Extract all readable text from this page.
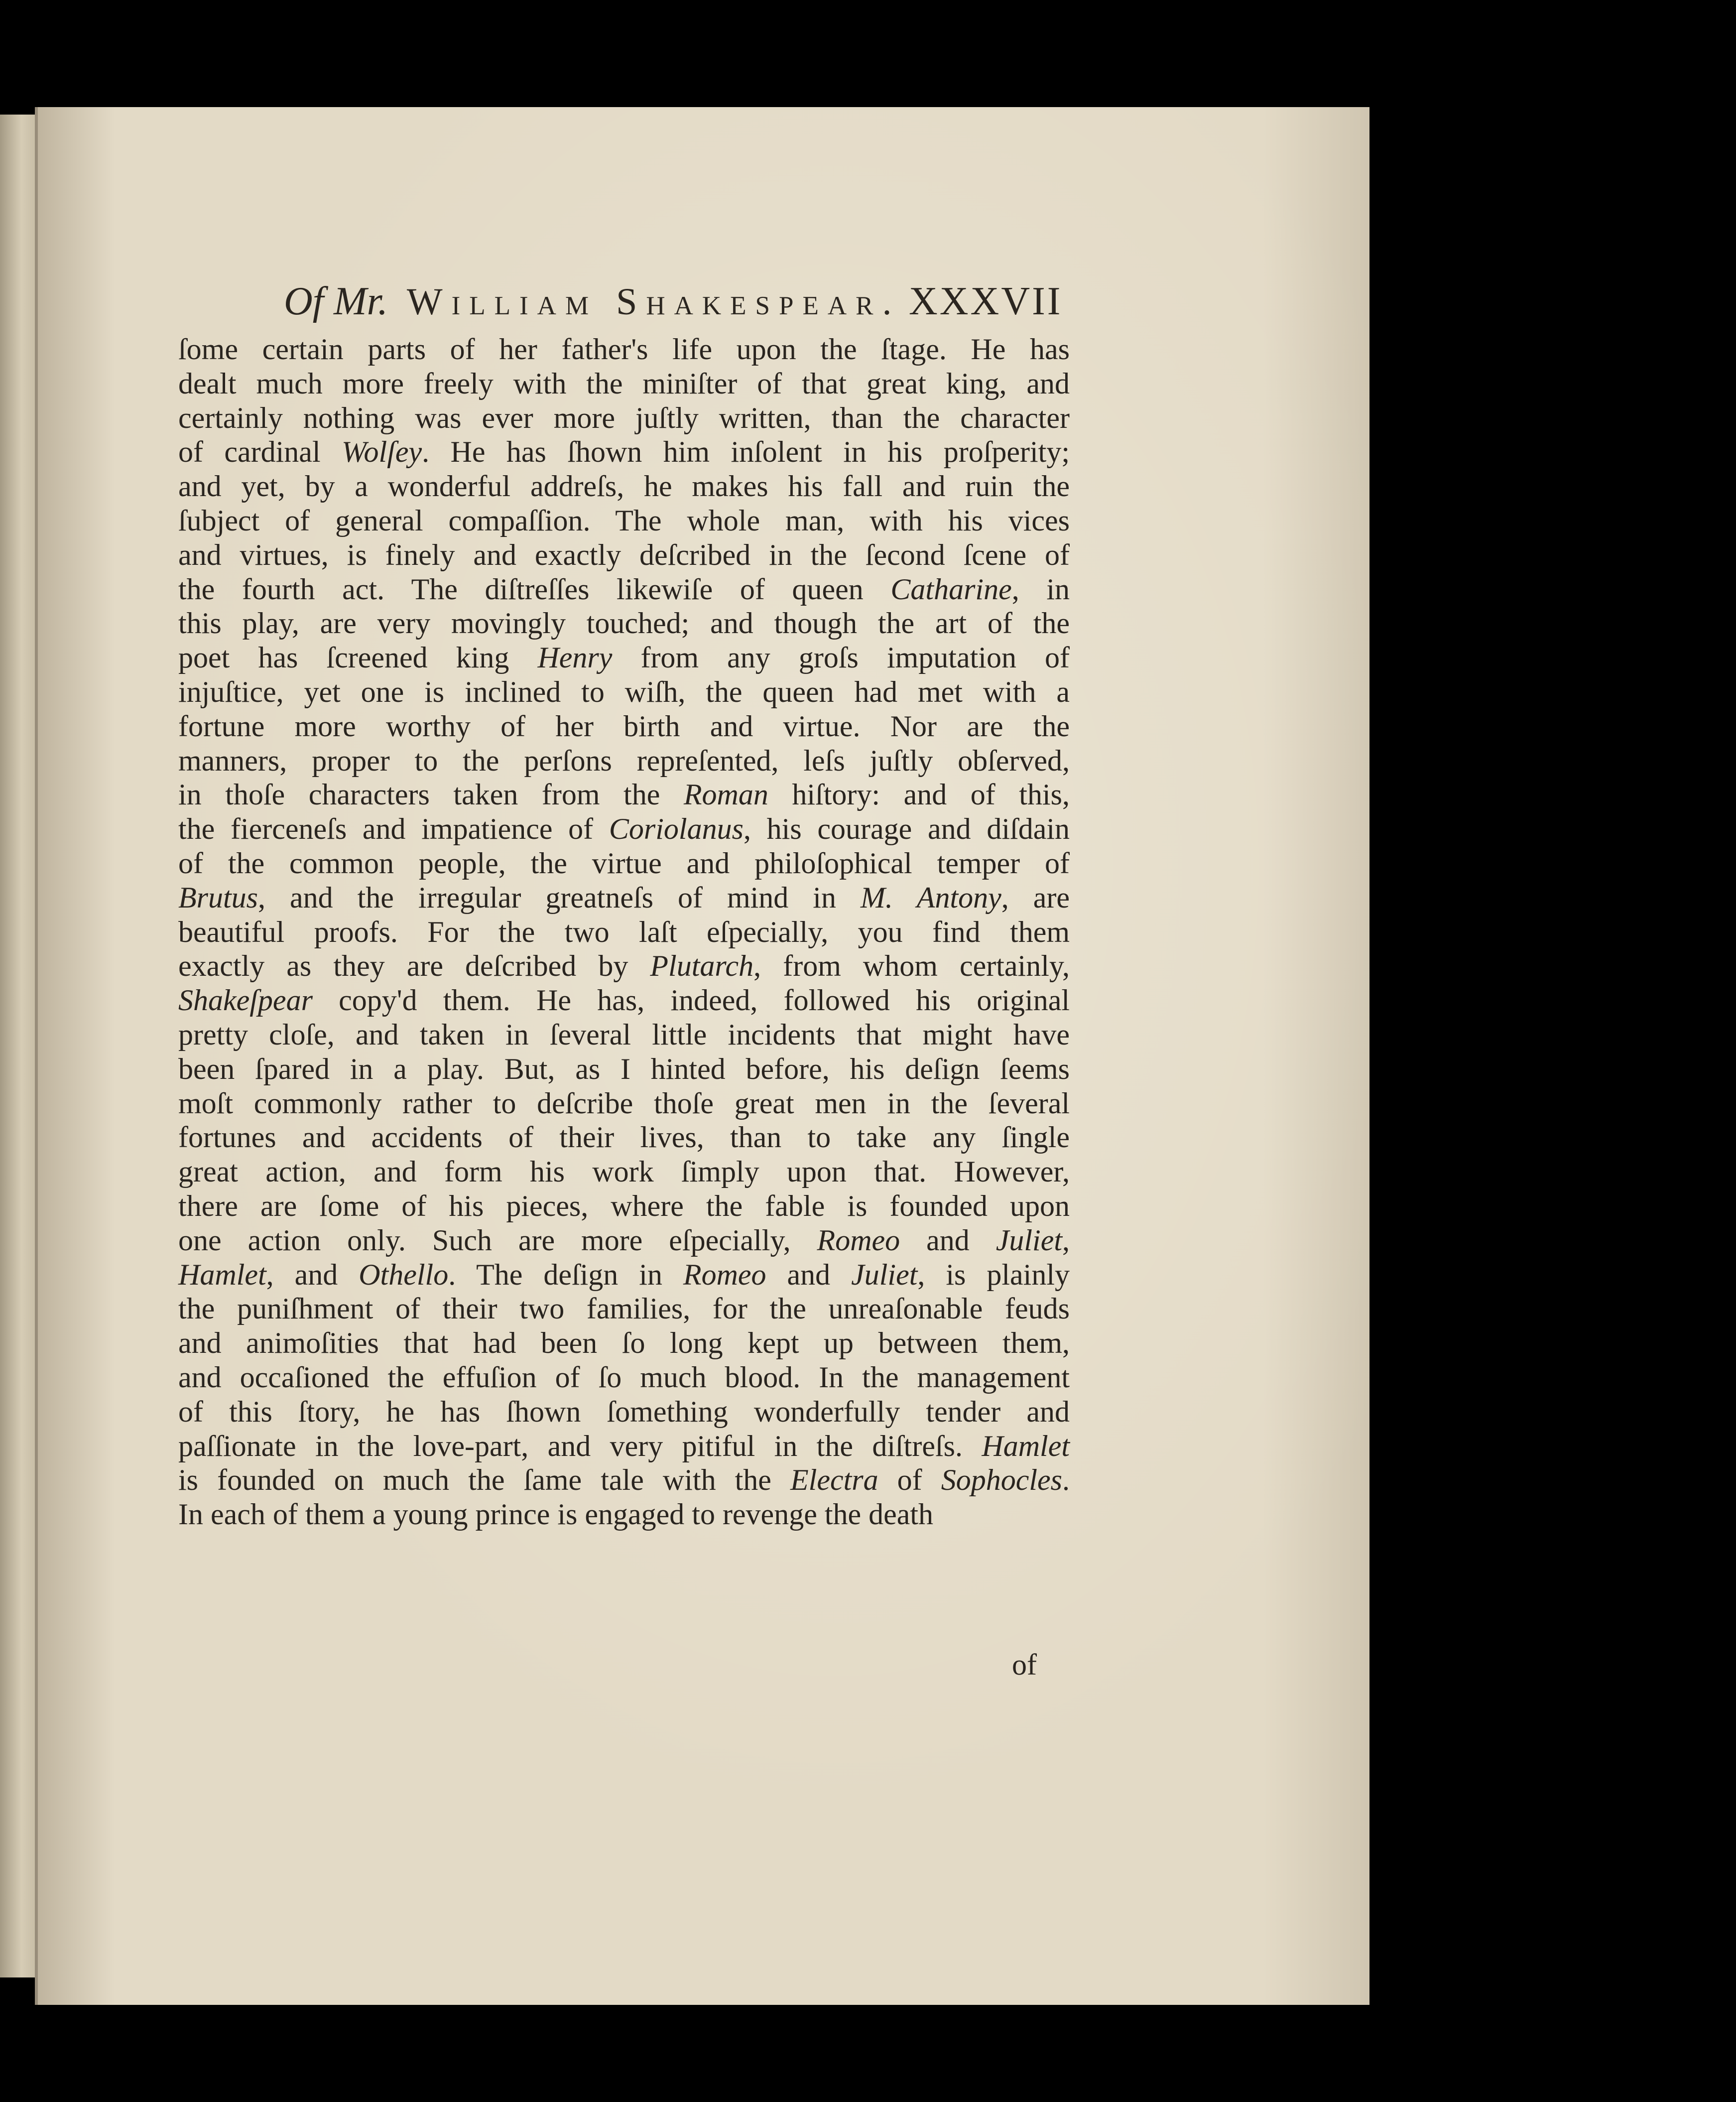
Of Mr. William Shakespear. XXXVII
ſome certain parts of her father's life upon the ſtage. He has
dealt much more freely with the miniſter of that great king, and
certainly nothing was ever more juſtly written, than the character
of cardinal Wolſey. He has ſhown him inſolent in his proſperity;
and yet, by a wonderful addreſs, he makes his fall and ruin the
ſubject of general compaſſion. The whole man, with his vices
and virtues, is finely and exactly deſcribed in the ſecond ſcene of
the fourth act. The diſtreſſes likewiſe of queen Catharine, in
this play, are very movingly touched; and though the art of the
poet has ſcreened king Henry from any groſs imputation of
injuſtice, yet one is inclined to wiſh, the queen had met with a
fortune more worthy of her birth and virtue. Nor are the
manners, proper to the perſons repreſented, leſs juſtly obſerved,
in thoſe characters taken from the Roman hiſtory: and of this,
the fierceneſs and impatience of Coriolanus, his courage and diſdain
of the common people, the virtue and philoſophical temper of
Brutus, and the irregular greatneſs of mind in M. Antony, are
beautiful proofs. For the two laſt eſpecially, you find them
exactly as they are deſcribed by Plutarch, from whom certainly,
Shakeſpear copy'd them. He has, indeed, followed his original
pretty cloſe, and taken in ſeveral little incidents that might have
been ſpared in a play. But, as I hinted before, his deſign ſeems
moſt commonly rather to deſcribe thoſe great men in the ſeveral
fortunes and accidents of their lives, than to take any ſingle
great action, and form his work ſimply upon that. However,
there are ſome of his pieces, where the fable is founded upon
one action only. Such are more eſpecially, Romeo and Juliet,
Hamlet, and Othello. The deſign in Romeo and Juliet, is plainly
the puniſhment of their two families, for the unreaſonable feuds
and animoſities that had been ſo long kept up between them,
and occaſioned the effuſion of ſo much blood. In the management
of this ſtory, he has ſhown ſomething wonderfully tender and
paſſionate in the love-part, and very pitiful in the diſtreſs. Hamlet
is founded on much the ſame tale with the Electra of Sophocles.
In each of them a young prince is engaged to revenge the death
of
